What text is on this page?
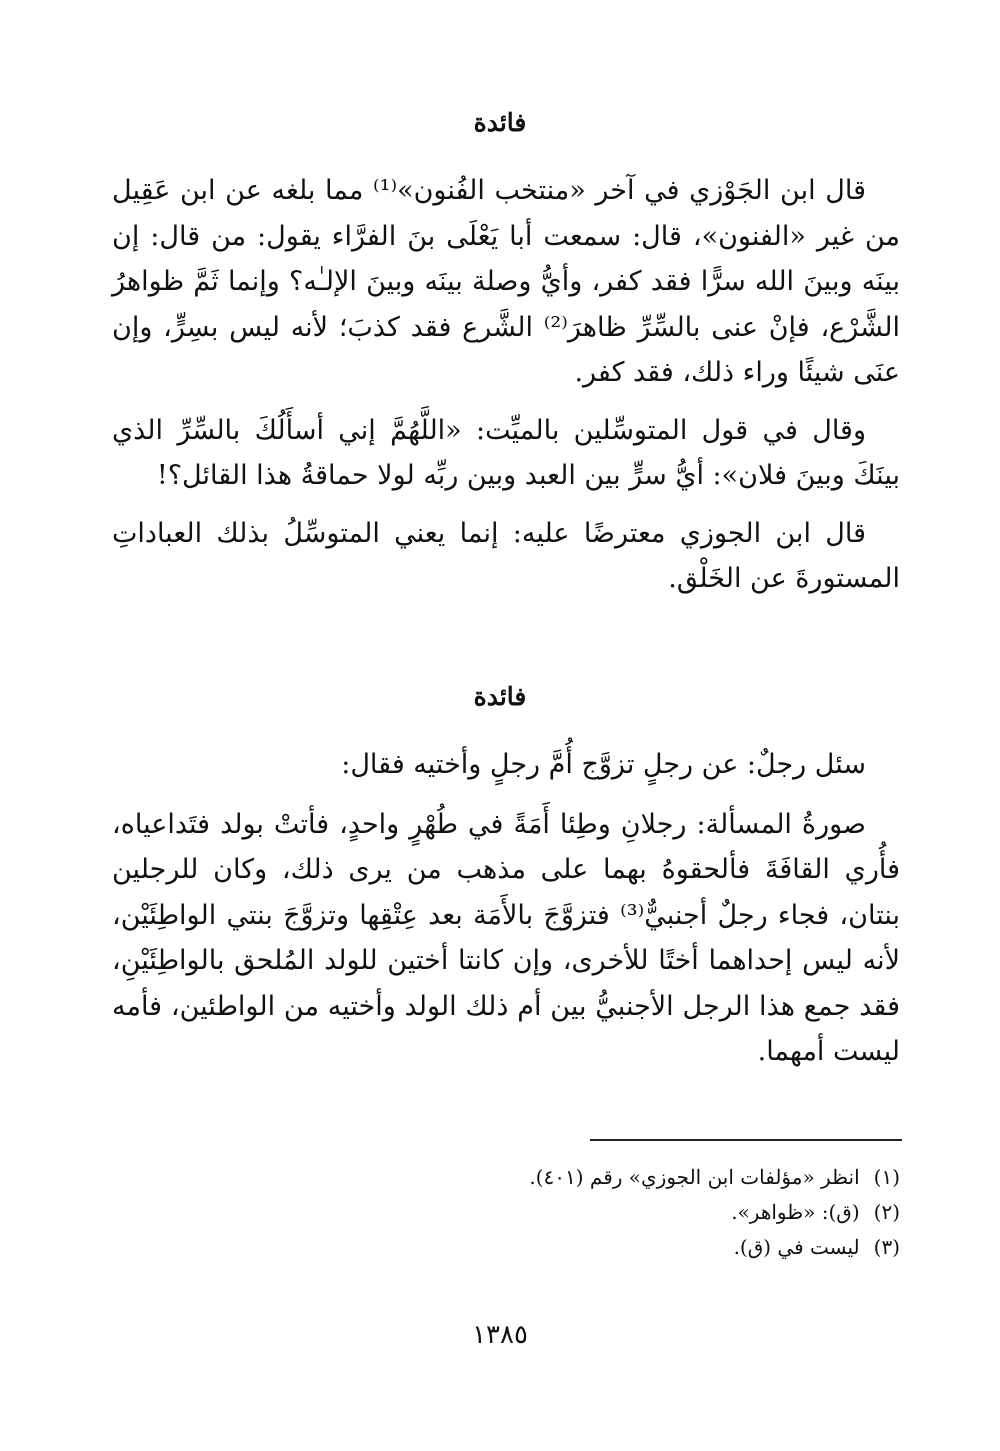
فائدة

قال ابن الجَوْزي في آخر «منتخب الفُنون»⁽¹⁾ مما بلغه عن ابن عَقِيل من غير «الفنون»، قال: سمعت أبا يَعْلَى بنَ الفرَّاء يقول: من قال: إن بينَه وبينَ الله سرًّا فقد كفر، وأيُّ وصلة بينَه وبينَ الإلـٰه؟ وإنما ثَمَّ ظواهرُ الشَّرْع، فإنْ عنى بالسِّرِّ ظاهرَ⁽²⁾ الشَّرع فقد كذبَ؛ لأنه ليس بسِرٍّ، وإن عنَى شيئًا وراء ذلك، فقد كفر.

وقال في قول المتوسِّلين بالميِّت: «اللَّهُمَّ إني أسأَلُكَ بالسِّرِّ الذي بينَكَ وبينَ فلان»: أيُّ سرٍّ بين العبد وبين ربِّه لولا حماقةُ هذا القائل؟!

قال ابن الجوزي معترضًا عليه: إنما يعني المتوسِّلُ بذلك العباداتِ المستورةَ عن الخَلْق.

فائدة

سئل رجلٌ: عن رجلٍ تزوَّج أُمَّ رجلٍ وأختيه فقال:

صورةُ المسألة: رجلانِ وطِئا أَمَةً في طُهْرٍ واحدٍ، فأتتْ بولد فتَداعياه، فأُري القافَةَ فألحقوهُ بهما على مذهب من يرى ذلك، وكان للرجلين بنتان، فجاء رجلٌ أجنبيٌّ⁽³⁾ فتزوَّجَ بالأَمَة بعد عِتْقِها وتزوَّجَ بنتي الواطِئَيْن، لأنه ليس إحداهما أختًا للأخرى، وإن كانتا أختين للولد المُلحق بالواطِئَيْنِ، فقد جمع هذا الرجل الأجنبيُّ بين أم ذلك الولد وأختيه من الواطئين، فأمه ليست أمهما.

(١)انظر «مؤلفات ابن الجوزي» رقم (٤٠١).
(٢)(ق): «ظواهر».
(٣)ليست في (ق).
١٣٨٥
